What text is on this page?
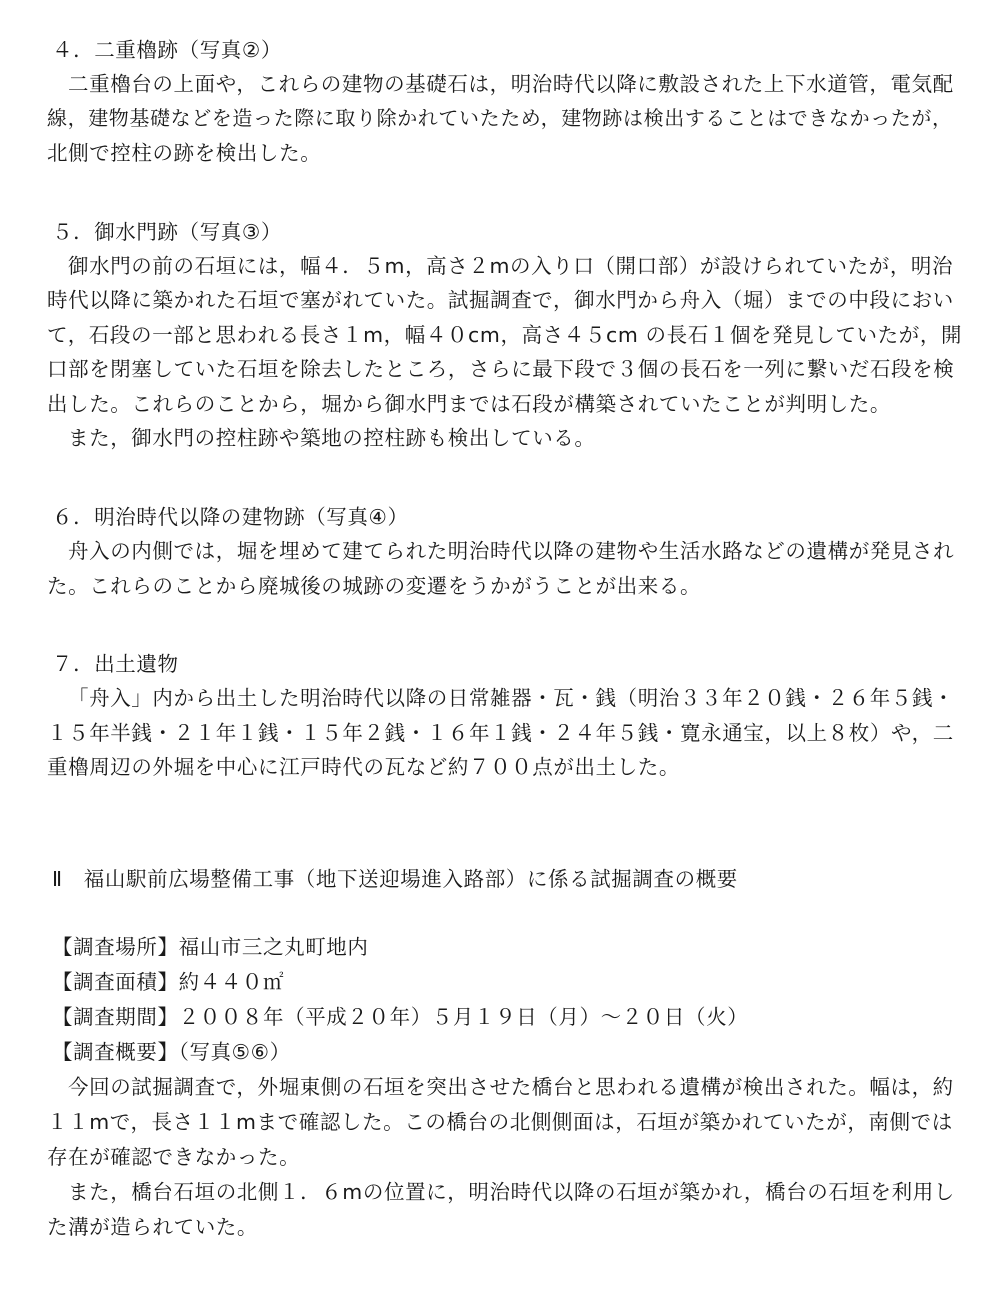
４．二重櫓跡（写真②）
二重櫓台の上面や，これらの建物の基礎石は，明治時代以降に敷設された上下水道管，電気配
線，建物基礎などを造った際に取り除かれていたため，建物跡は検出することはできなかったが，
北側で控柱の跡を検出した。
５．御水門跡（写真③）
御水門の前の石垣には，幅４．５m，高さ２mの入り口（開口部）が設けられていたが，明治
時代以降に築かれた石垣で塞がれていた。試掘調査で，御水門から舟入（堀）までの中段におい
て，石段の一部と思われる長さ１m，幅４０cm，高さ４５cm の長石１個を発見していたが，開
口部を閉塞していた石垣を除去したところ，さらに最下段で３個の長石を一列に繋いだ石段を検
出した。これらのことから，堀から御水門までは石段が構築されていたことが判明した。
また，御水門の控柱跡や築地の控柱跡も検出している。
６．明治時代以降の建物跡（写真④）
舟入の内側では，堀を埋めて建てられた明治時代以降の建物や生活水路などの遺構が発見され
た。これらのことから廃城後の城跡の変遷をうかがうことが出来る。
７．出土遺物
「舟入」内から出土した明治時代以降の日常雑器・瓦・銭（明治３３年２０銭・２６年５銭・
１５年半銭・２１年１銭・１５年２銭・１６年１銭・２４年５銭・寛永通宝，以上８枚）や，二
重櫓周辺の外堀を中心に江戸時代の瓦など約７００点が出土した。
Ⅱ　福山駅前広場整備工事（地下送迎場進入路部）に係る試掘調査の概要
【調査場所】福山市三之丸町地内
【調査面積】約４４０㎡
【調査期間】２００８年（平成２０年）５月１９日（月）～２０日（火）
【調査概要】（写真⑤⑥）
今回の試掘調査で，外堀東側の石垣を突出させた橋台と思われる遺構が検出された。幅は，約
１１mで，長さ１１mまで確認した。この橋台の北側側面は，石垣が築かれていたが，南側では
存在が確認できなかった。
また，橋台石垣の北側１．６mの位置に，明治時代以降の石垣が築かれ，橋台の石垣を利用し
た溝が造られていた。
